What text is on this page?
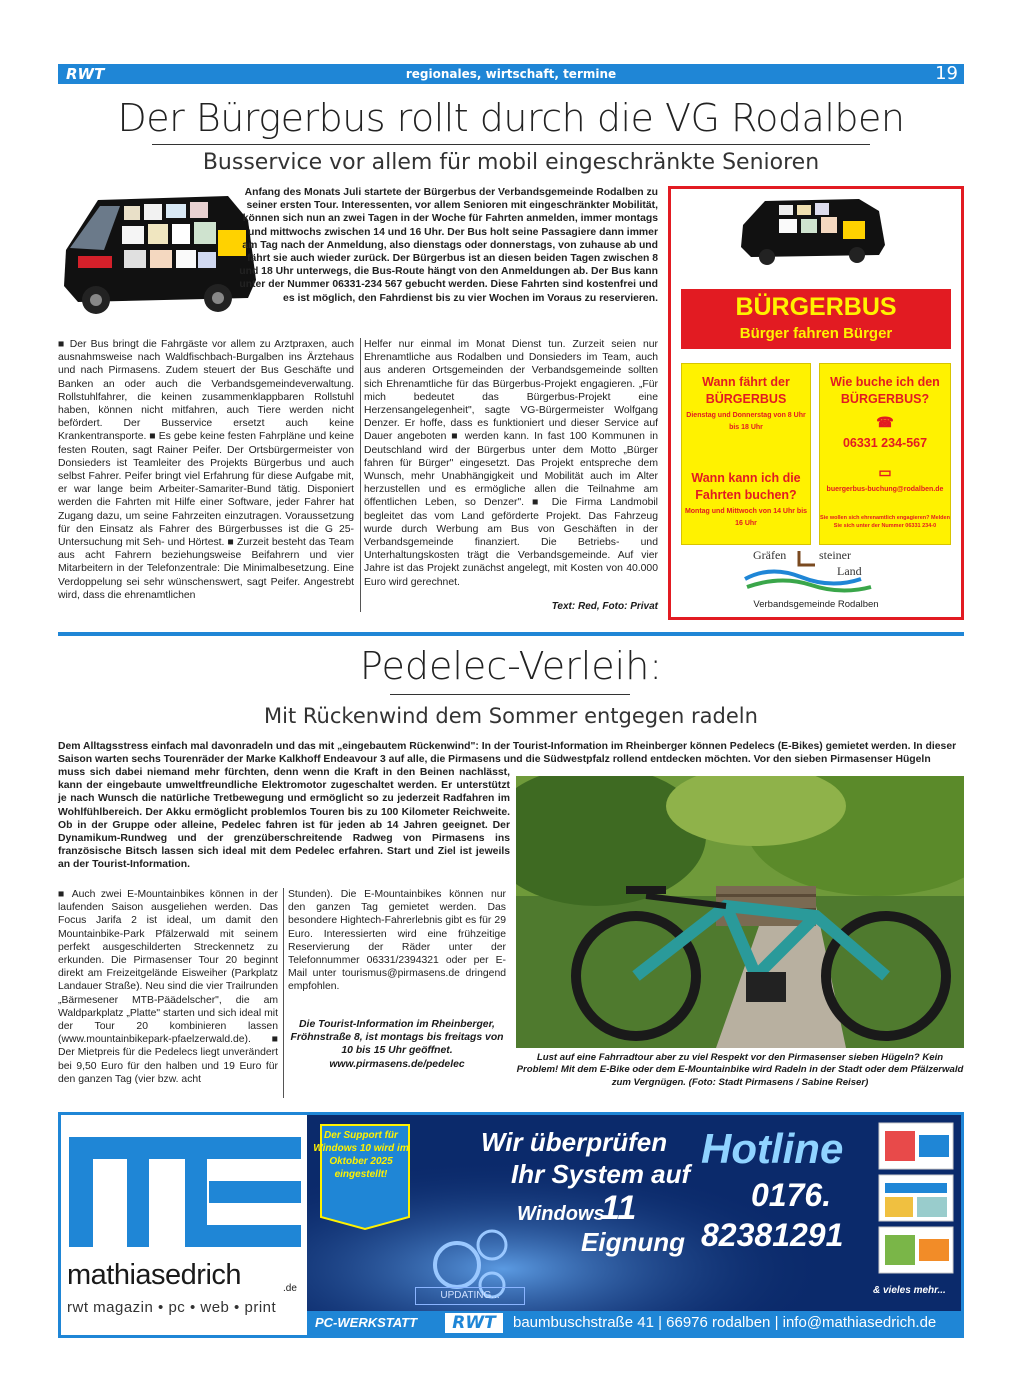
RWT	regionales, wirtschaft, termine	19
Der Bürgerbus rollt durch die VG Rodalben
Busservice vor allem für mobil eingeschränkte Senioren
Anfang des Monats Juli startete der Bürgerbus der Verbandsgemeinde Rodalben zu seiner ersten Tour. Interessenten, vor allem Senioren mit eingeschränkter Mobilität, können sich nun an zwei Tagen in der Woche für Fahrten anmelden, immer montags und mittwochs zwischen 14 und 16 Uhr. Der Bus holt seine Passagiere dann immer am Tag nach der Anmeldung, also dienstags oder donnerstags, von zuhause ab und fährt sie auch wieder zurück. Der Bürgerbus ist an diesen beiden Tagen zwischen 8 und 18 Uhr unterwegs, die Bus-Route hängt von den Anmeldungen ab. Der Bus kann unter der Nummer 06331-234 567 gebucht werden. Diese Fahrten sind kostenfrei und es ist möglich, den Fahrdienst bis zu vier Wochen im Voraus zu reservieren.
■ Der Bus bringt die Fahrgäste vor allem zu Arztpraxen, auch ausnahmsweise nach Waldfischbach-Burgalben ins Ärztehaus und nach Pirmasens. Zudem steuert der Bus Geschäfte und Banken an oder auch die Verbandsgemeindeverwaltung. Rollstuhlfahrer, die keinen zusammenklappbaren Rollstuhl haben, können nicht mitfahren, auch Tiere werden nicht befördert. Der Busservice ersetzt auch keine Krankentransporte. ■ Es gebe keine festen Fahrpläne und keine festen Routen, sagt Rainer Peifer. Der Ortsbürgermeister von Donsieders ist Teamleiter des Projekts Bürgerbus und auch selbst Fahrer. Peifer bringt viel Erfahrung für diese Aufgabe mit, er war lange beim Arbeiter-Samariter-Bund tätig. Disponiert werden die Fahrten mit Hilfe einer Software, jeder Fahrer hat Zugang dazu, um seine Fahrzeiten einzutragen. Voraussetzung für den Einsatz als Fahrer des Bürgerbusses ist die G 25-Untersuchung mit Seh- und Hörtest. ■ Zurzeit besteht das Team aus acht Fahrern beziehungsweise Beifahrern und vier Mitarbeitern in der Telefonzentrale: Die Minimalbesetzung. Eine Verdoppelung sei sehr wünschenswert, sagt Peifer. Angestrebt wird, dass die ehrenamtlichen
Helfer nur einmal im Monat Dienst tun. Zurzeit seien nur Ehrenamtliche aus Rodalben und Donsieders im Team, auch aus anderen Ortsgemeinden der Verbandsgemeinde sollten sich Ehrenamtliche für das Bürgerbus-Projekt engagieren. „Für mich bedeutet das Bürgerbus-Projekt eine Herzensangelegenheit", sagte VG-Bürgermeister Wolfgang Denzer. Er hoffe, dass es funktioniert und dieser Service auf Dauer angeboten ■ werden kann. In fast 100 Kommunen in Deutschland wird der Bürgerbus unter dem Motto „Bürger fahren für Bürger" eingesetzt. Das Projekt entspreche dem Wunsch, mehr Unabhängigkeit und Mobilität auch im Alter herzustellen und es ermögliche allen die Teilnahme am öffentlichen Leben, so Denzer". ■ Die Firma Landmobil begleitet das vom Land geförderte Projekt. Das Fahrzeug wurde durch Werbung am Bus von Geschäften in der Verbandsgemeinde finanziert. Die Betriebs- und Unterhaltungskosten trägt die Verbandsgemeinde. Auf vier Jahre ist das Projekt zunächst angelegt, mit Kosten von 40.000 Euro wird gerechnet.
Text: Red, Foto: Privat
BÜRGERBUS
Bürger fahren Bürger
Wann fährt der BÜRGERBUS
Dienstag und Donnerstag von 8 Uhr bis 18 Uhr
Wann kann ich die Fahrten buchen?
Montag und Mittwoch von 14 Uhr bis 16 Uhr
Wie buche ich den BÜRGERBUS?
☎
06331 234-567
▭
buergerbus-buchung@rodalben.de
Sie wollen sich ehrenamtlich engagieren? Melden Sie sich unter der Nummer 06331 234-0
Gräfen	steiner
Land
Verbandsgemeinde Rodalben
Pedelec-Verleih:
Mit Rückenwind dem Sommer entgegen radeln
Dem Alltagsstress einfach mal davonradeln und das mit „eingebautem Rückenwind": In der Tourist-Information im Rheinberger können Pedelecs (E-Bikes) gemietet werden. In dieser Saison warten sechs Tourenräder der Marke Kalkhoff Endeavour 3 auf alle, die Pirmasens und die Südwestpfalz rollend entdecken möchten. Vor den sieben Pirmasenser Hügeln
muss sich dabei niemand mehr fürchten, denn wenn die Kraft in den Beinen nachlässt, kann der eingebaute umweltfreundliche Elektromotor zugeschaltet werden. Er unterstützt je nach Wunsch die natürliche Tretbewegung und ermöglicht so zu jederzeit Radfahren im Wohlfühlbereich. Der Akku ermöglicht problemlos Touren bis zu 100 Kilometer Reichweite. Ob in der Gruppe oder alleine, Pedelec fahren ist für jeden ab 14 Jahren geeignet. Der Dynamikum-Rundweg und der grenzüberschreitende Radweg von Pirmasens ins französische Bitsch lassen sich ideal mit dem Pedelec erfahren. Start und Ziel ist jeweils an der Tourist-Information.
■ Auch zwei E-Mountainbikes können in der laufenden Saison ausgeliehen werden. Das Focus Jarifa 2 ist ideal, um damit den Mountainbike-Park Pfälzerwald mit seinem perfekt ausgeschilderten Streckennetz zu erkunden. Die Pirmasenser Tour 20 beginnt direkt am Freizeitgelände Eisweiher (Parkplatz Landauer Straße). Neu sind die vier Trailrunden „Bärmesener MTB-Päädelscher", die am Waldparkplatz „Platte" starten und sich ideal mit der Tour 20 kombinieren lassen (www.mountainbikepark-pfaelzerwald.de). ■ Der Mietpreis für die Pedelecs liegt unverändert bei 9,50 Euro für den halben und 19 Euro für den ganzen Tag (vier bzw. acht
Stunden). Die E-Mountainbikes können nur den ganzen Tag gemietet werden. Das besondere Hightech-Fahrerlebnis gibt es für 29 Euro. Interessierten wird eine frühzeitige Reservierung der Räder unter der Telefonnummer 06331/2394321 oder per E-Mail unter tourismus@pirmasens.de dringend empfohlen.
Die Tourist-Information im Rheinberger, Fröhnstraße 8, ist montags bis freitags von 10 bis 15 Uhr geöffnet. www.pirmasens.de/pedelec
Lust auf eine Fahrradtour aber zu viel Respekt vor den Pirmasenser sieben Hügeln? Kein Problem! Mit dem E-Bike oder dem E-Mountainbike wird Radeln in der Stadt oder dem Pfälzerwald zum Vergnügen. (Foto: Stadt Pirmasens / Sabine Reiser)
mathiasedrich	.de
rwt magazin • pc • web • print
Der Support für Windows 10 wird im Oktober 2025 eingestellt!
Wir überprüfen
Ihr System auf
Windows
11
Eignung
UPDATING...
Hotline
0176.
82381291
& vieles mehr...
PC-WERKSTATT	RWT	baumbuschstraße 41 | 66976 rodalben | info@mathiasedrich.de
